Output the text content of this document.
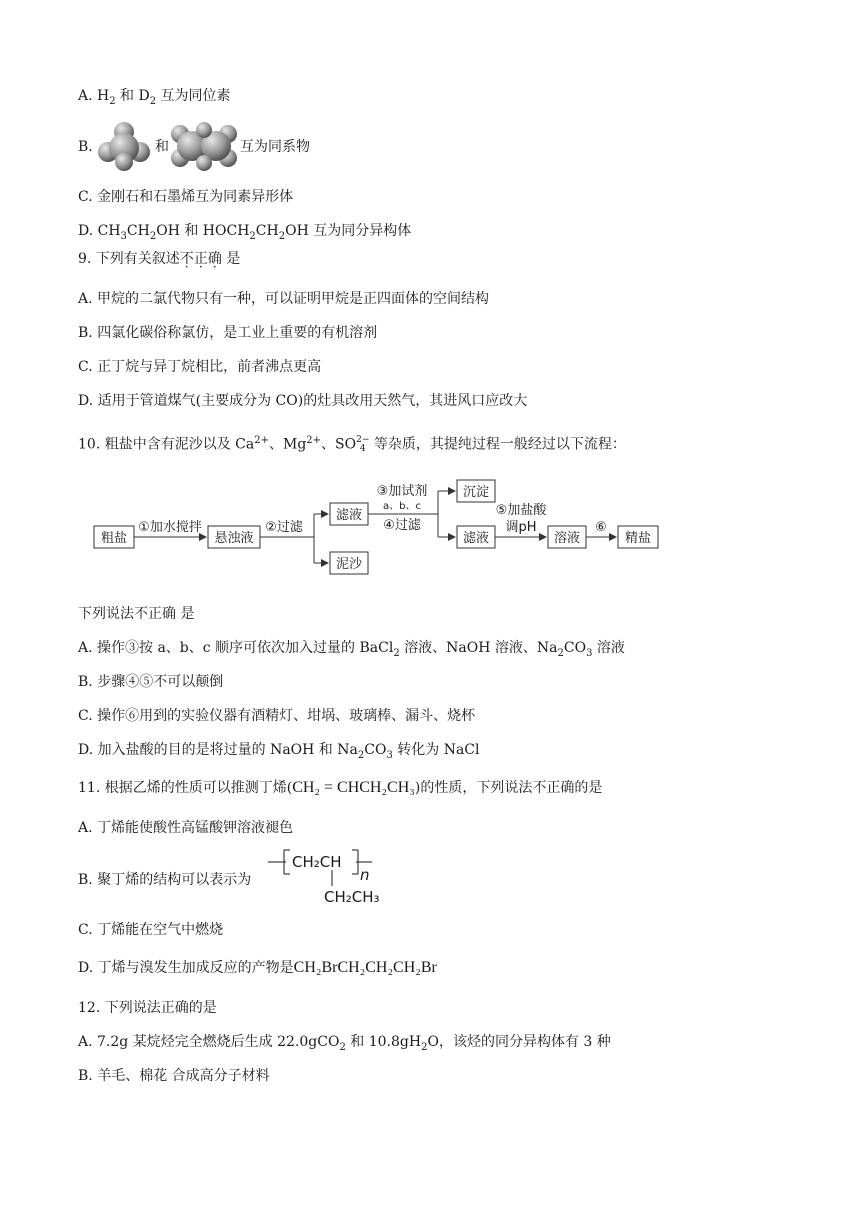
A. $H_2$ 和 $D_2$ 互为同位素
B.	和	互为同系物
C. 金刚石和石墨烯互为同素异形体
D. $CH_3CH_2OH$ 和 $HOCH_2CH_2OH$ 互为同分异构体
9. 下列有关叙述不正确 是
A. 甲烷的二氯代物只有一种，可以证明甲烷是正四面体的空间结构
B. 四氯化碳俗称氯仿，是工业上重要的有机溶剂
C. 正丁烷与异丁烷相比，前者沸点更高
D. 适用于管道煤气(主要成分为 CO)的灶具改用天然气，其进风口应改大
10. 粗盐中含有泥沙以及 $Ca^{2+}$、$Mg^{2+}$、SO 2−
4 等杂质，其提纯过程一般经过以下流程：
粗盐
①加水搅拌
悬浊液
②过滤
滤液
泥沙
③加试剂
a、b、c
④过滤
沉淀
滤液
⑤加盐酸
调pH
溶液
⑥
精盐
下列说法不正确 是
A. 操作③按 a、b、c 顺序可依次加入过量的 BaCl$_2$ 溶液、NaOH 溶液、$Na_2CO_3$ 溶液
B. 步骤④⑤不可以颠倒
C. 操作⑥用到的实验仪器有酒精灯、坩埚、玻璃棒、漏斗、烧杯
D. 加入盐酸的目的是将过量的 NaOH 和 $Na_2CO_3$ 转化为 NaCl
11. 根据乙烯的性质可以推测丁烯(CH₂ = CHCH₂CH₃)的性质，下列说法不正确的是
A. 丁烯能使酸性高锰酸钾溶液褪色
B. 聚丁烯的结构可以表示为
CH₂CH
n
CH₂CH₃
C. 丁烯能在空气中燃烧
D. 丁烯与溴发生加成反应的产物是CH₂BrCH₂CH₂CH₂Br
12. 下列说法正确的是
A. 7.2g 某烷烃完全燃烧后生成 22.0gCO$_2$ 和 $10.8gH_2O$，该烃的同分异构体有 3 种
B. 羊毛、棉花 合成高分子材料
